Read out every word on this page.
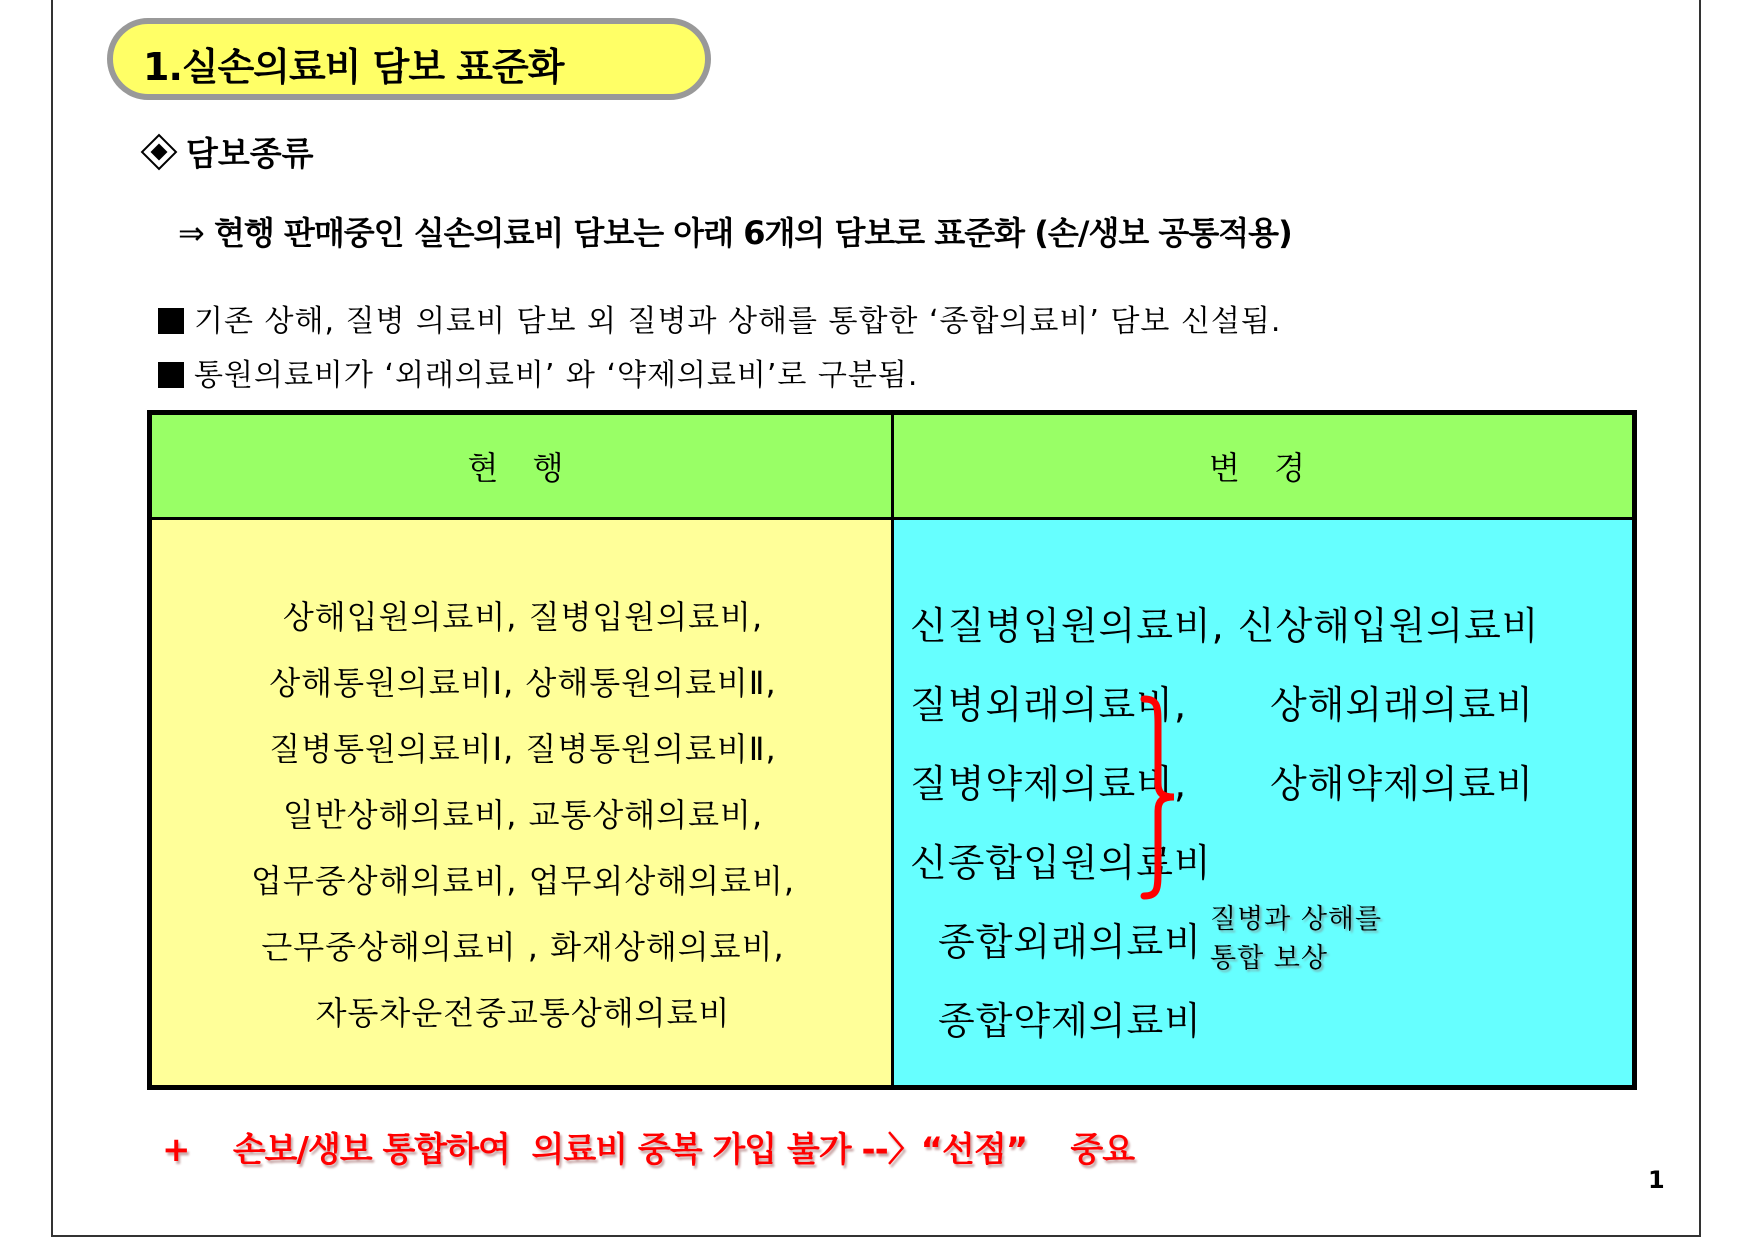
1.실손의료비 담보 표준화
담보종류
⇒ 현행 판매중인 실손의료비 담보는 아래 6개의 담보로 표준화 (손/생보 공통적용)
기존 상해, 질병 의료비 담보 외 질병과 상해를 통합한 ‘종합의료비’ 담보 신설됨.
통원의료비가 ‘외래의료비’ 와 ‘약제의료비’로 구분됨.
현 행	변 경
상해입원의료비, 질병입원의료비,
상해통원의료비Ⅰ, 상해통원의료비Ⅱ,
질병통원의료비Ⅰ, 질병통원의료비Ⅱ,
일반상해의료비, 교통상해의료비,
업무중상해의료비, 업무외상해의료비,
근무중상해의료비 , 화재상해의료비,
자동차운전중교통상해의료비
신질병입원의료비, 신상해입원의료비
질병외래의료비, 상해외래의료비
질병약제의료비, 상해약제의료비
신종합입원의료비
종합외래의료비
종합약제의료비
질병과 상해를
통합 보상
+    손보/생보 통합하여  의료비 중복 가입 불가 --〉“선점”    중요
1
